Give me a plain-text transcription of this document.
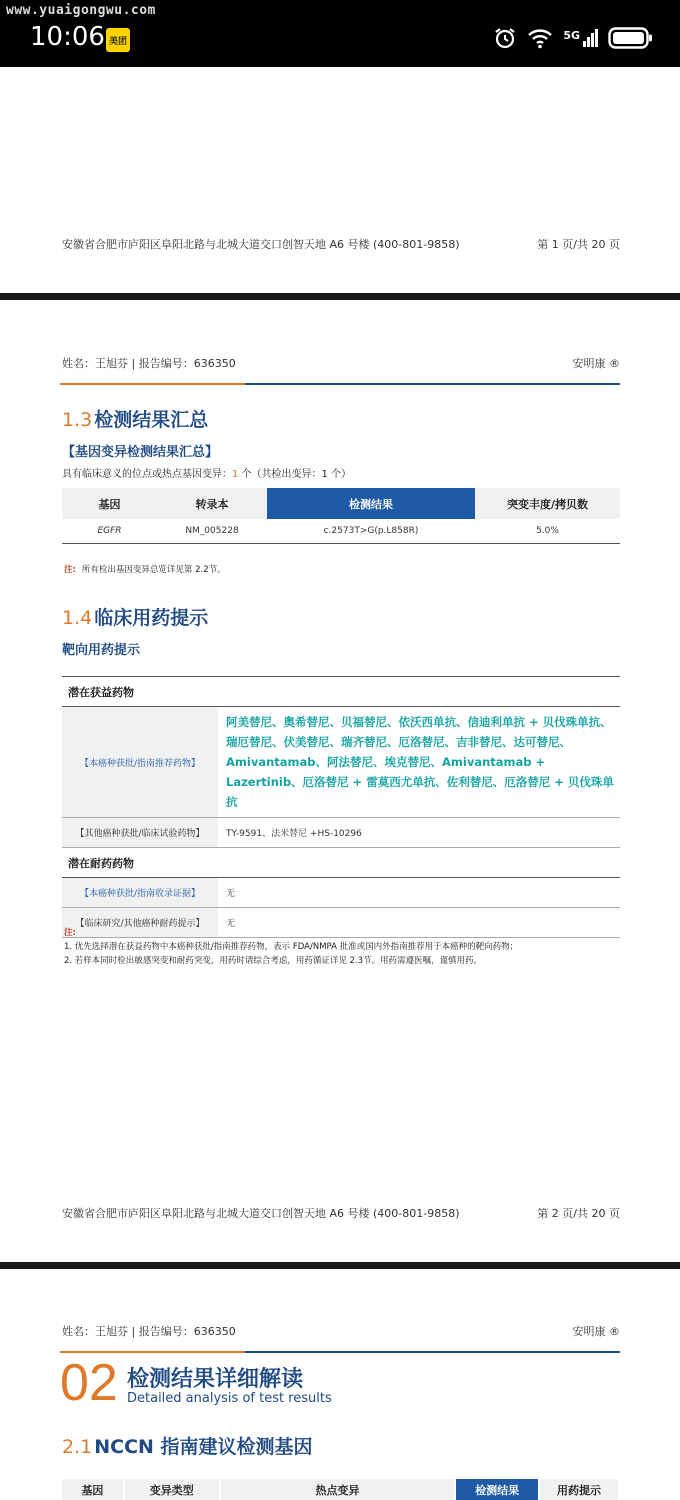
www.yuaigongwu.com
10:06 美团	5G
安徽省合肥市庐阳区阜阳北路与北城大道交口创智天地 A6 号楼 (400-801-9858)	第 1 页/共 20 页
姓名：王旭芬 | 报告编号：636350	安明康 ®
1.3 检测结果汇总
【基因变异检测结果汇总】
具有临床意义的位点或热点基因变异：1 个（共检出变异：1 个）
基因	转录本	检测结果	突变丰度/拷贝数
EGFR	NM_005228	c.2573T>G(p.L858R)	5.0%
注: 所有检出基因变异总览详见第 2.2节。
1.4 临床用药提示
靶向用药提示
潜在获益药物	
【本癌种获批/指南推荐药物】	阿美替尼、奥希替尼、贝福替尼、依沃西单抗、信迪利单抗 + 贝伐珠单抗、瑞厄替尼、伏美替尼、瑞齐替尼、厄洛替尼、吉非替尼、达可替尼、Amivantamab、阿法替尼、埃克替尼、Amivantamab + Lazertinib、厄洛替尼 + 雷莫西尤单抗、佐利替尼、厄洛替尼 + 贝伐珠单抗
【其他癌种获批/临床试验药物】	TY-9591、法米替尼 +HS-10296
潜在耐药药物	
【本癌种获批/指南收录证据】	无
【临床研究/其他癌种耐药提示】	无
注:
1. 优先选择潜在获益药物中本癌种获批/指南推荐药物，表示 FDA/NMPA 批准或国内外指南推荐用于本癌种的靶向药物；
2. 若样本同时检出敏感突变和耐药突变，用药时请综合考虑，用药循证详见 2.3节。用药需遵医嘱，谨慎用药。
安徽省合肥市庐阳区阜阳北路与北城大道交口创智天地 A6 号楼 (400-801-9858)	第 2 页/共 20 页
姓名：王旭芬 | 报告编号：636350	安明康 ®
02 检测结果详细解读
Detailed analysis of test results
2.1 NCCN 指南建议检测基因
基因	变异类型	热点变异	检测结果	用药提示
